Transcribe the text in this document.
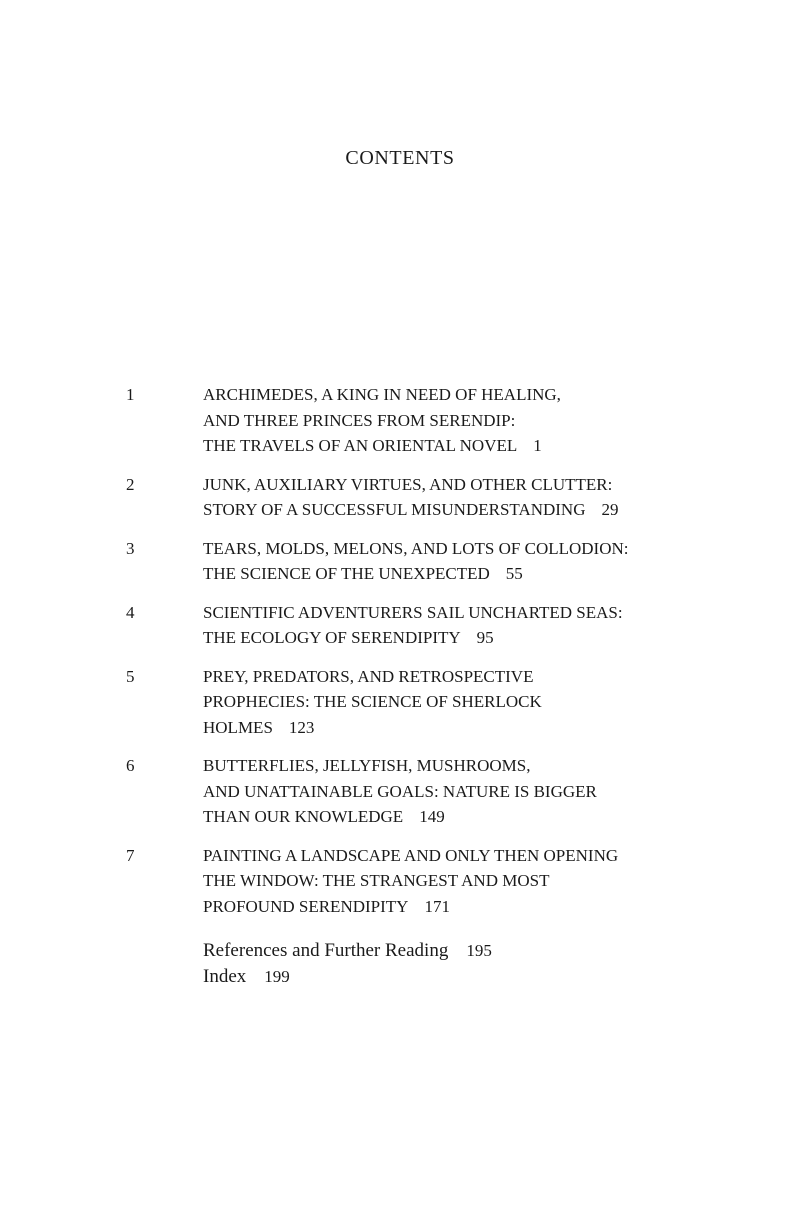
CONTENTS
1	ARCHIMEDES, A KING IN NEED OF HEALING,
AND THREE PRINCES FROM SERENDIP:
THE TRAVELS OF AN ORIENTAL NOVEL 1
2	JUNK, AUXILIARY VIRTUES, AND OTHER CLUTTER:
STORY OF A SUCCESSFUL MISUNDERSTANDING 29
3	TEARS, MOLDS, MELONS, AND LOTS OF COLLODION:
THE SCIENCE OF THE UNEXPECTED 55
4	SCIENTIFIC ADVENTURERS SAIL UNCHARTED SEAS:
THE ECOLOGY OF SERENDIPITY 95
5	PREY, PREDATORS, AND RETROSPECTIVE
PROPHECIES: THE SCIENCE OF SHERLOCK
HOLMES 123
6	BUTTERFLIES, JELLYFISH, MUSHROOMS,
AND UNATTAINABLE GOALS: NATURE IS BIGGER
THAN OUR KNOWLEDGE 149
7	PAINTING A LANDSCAPE AND ONLY THEN OPENING
THE WINDOW: THE STRANGEST AND MOST
PROFOUND SERENDIPITY 171
References and Further Reading 195
Index 199
